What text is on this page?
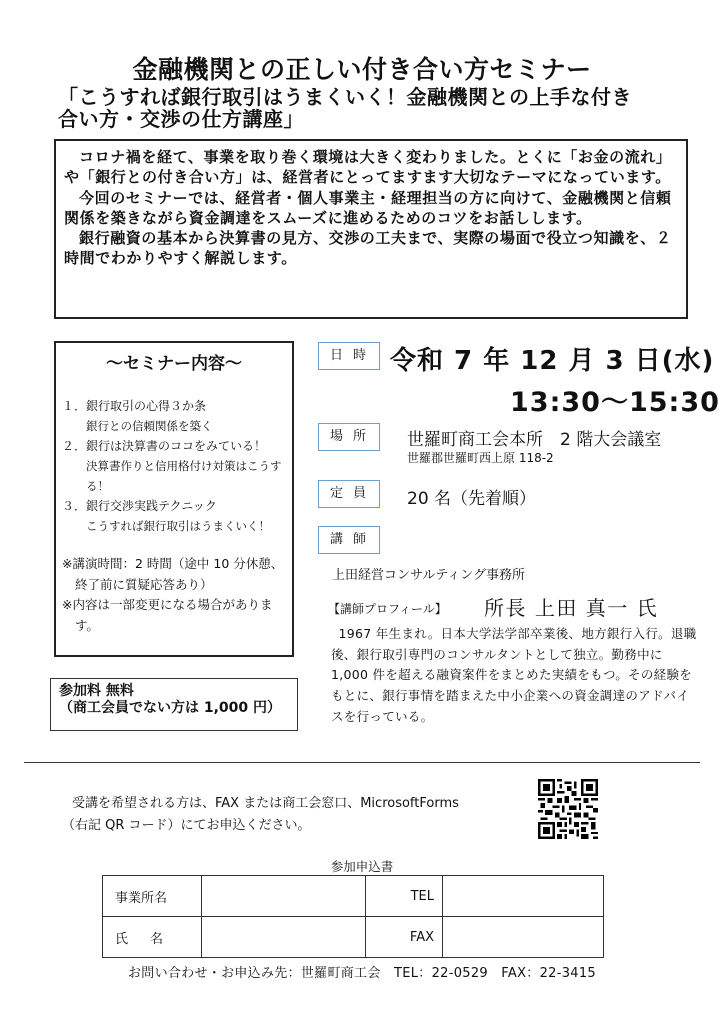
金融機関との正しい付き合い方セミナー
「こうすれば銀行取引はうまくいく！金融機関との上手な付き
合い方・交渉の仕方講座」

コロナ禍を経て、事業を取り巻く環境は大きく変わりました。とくに「お金の流れ」や「銀行との付き合い方」は、経営者にとってますます大切なテーマになっています。

今回のセミナーでは、経営者・個人事業主・経理担当の方に向けて、金融機関と信頼関係を築きながら資金調達をスムーズに進めるためのコツをお話しします。

銀行融資の基本から決算書の見方、交渉の工夫まで、実際の場面で役立つ知識を、２時間でわかりやすく解説します。

～セミナー内容～
１．銀行取引の心得３か条
銀行との信頼関係を築く
２．銀行は決算書のココをみている！
決算書作りと信用格付け対策はこうする！
３．銀行交渉実践テクニック
こうすれば銀行取引はうまくいく！
※講演時間：2 時間（途中 10 分休憩、終了前に質疑応答あり）
※内容は一部変更になる場合があります。
参加料 無料
（商工会員でない方は 1,000 円）
日時 令和 7 年 12 月 3 日(水)
13:30～15:30
場所 世羅町商工会本所　2 階大会議室
世羅郡世羅町西上原 118-2
定員 20 名（先着順）
講師
上田経営コンサルティング事務所
【講師プロフィール】 所長 上田 真一 氏

1967 年生まれ。日本大学法学部卒業後、地方銀行入行。退職後、銀行取引専門のコンサルタントとして独立。勤務中に 1,000 件を超える融資案件をまとめた実績をもつ。その経験をもとに、銀行事情を踏まえた中小企業への資金調達のアドバイスを行っている。

受講を希望される方は、FAX または商工会窓口、MicrosoftForms
（右記 QR コード）にてお申込ください。
参加申込書
事業所名		TEL	
氏名		FAX	
お問い合わせ・お申込み先：世羅町商工会　TEL：22-0529　FAX：22-3415
